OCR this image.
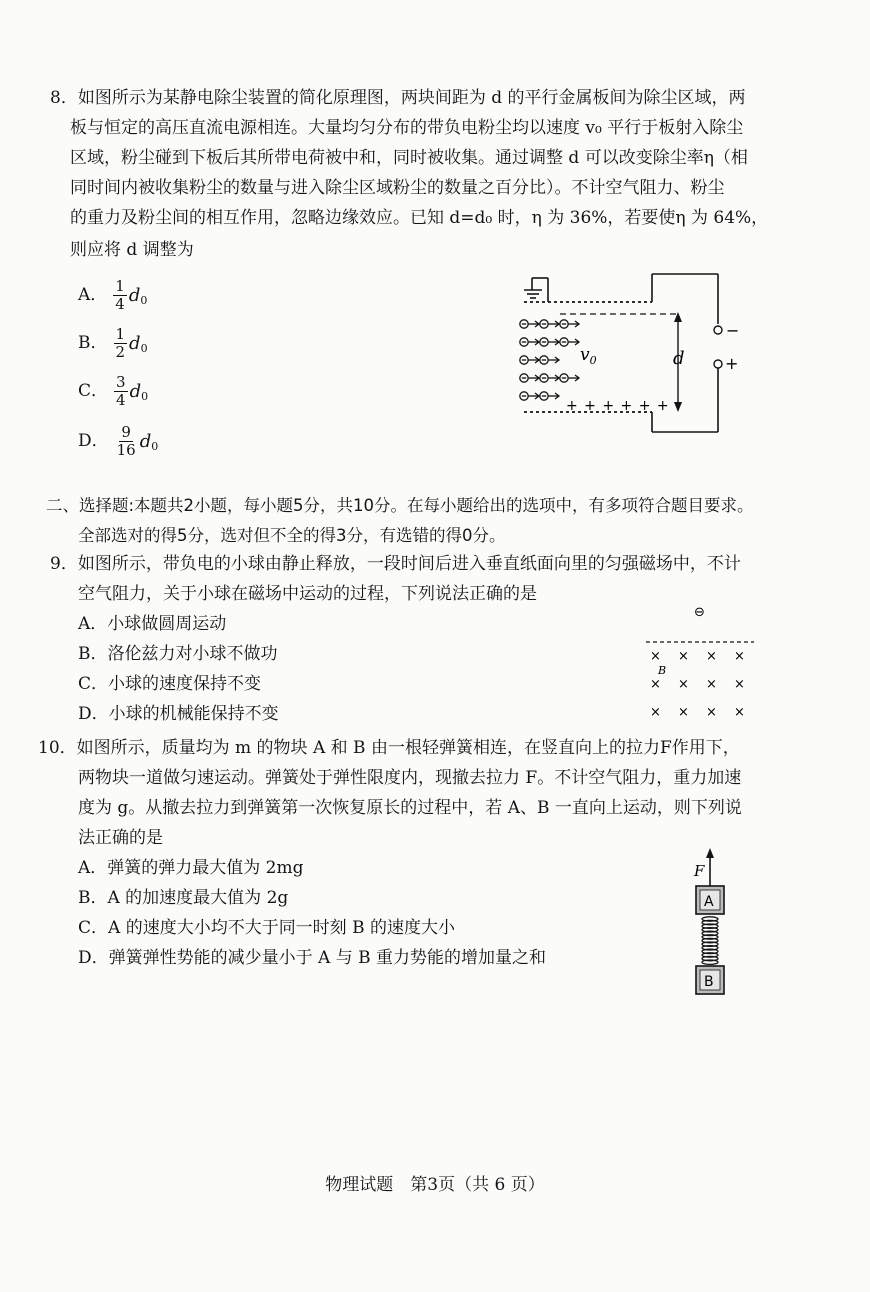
8．如图所示为某静电除尘装置的简化原理图，两块间距为 d 的平行金属板间为除尘区域，两
板与恒定的高压直流电源相连。大量均匀分布的带负电粉尘均以速度 v₀ 平行于板射入除尘
区域，粉尘碰到下板后其所带电荷被中和，同时被收集。通过调整 d 可以改变除尘率η（相
同时间内被收集粉尘的数量与进入除尘区域粉尘的数量之百分比）。不计空气阻力、粉尘
的重力及粉尘间的相互作用，忽略边缘效应。已知 d=d₀ 时，η 为 36%，若要使η 为 64%，
则应将 d 调整为
A． $\frac{1}{4} d_0$
B． $\frac{1}{2} d_0$
C． $\frac{3}{4} d_0$
D． $\frac{9}{16} d_0$
−
+
d
+ + + + + +
$v_0$
二、选择题:本题共2小题，每小题5分，共10分。在每小题给出的选项中，有多项符合题目要求。
全部选对的得5分，选对但不全的得3分，有选错的得0分。
9．如图所示，带负电的小球由静止释放，一段时间后进入垂直纸面向里的匀强磁场中，不计
空气阻力，关于小球在磁场中运动的过程，下列说法正确的是
A．小球做圆周运动
B．洛伦兹力对小球不做功
C．小球的速度保持不变
D．小球的机械能保持不变
⊖
B
× × × ×
× × × ×
× × × ×
10．如图所示，质量均为 m 的物块 A 和 B 由一根轻弹簧相连，在竖直向上的拉力F作用下，
两物块一道做匀速运动。弹簧处于弹性限度内，现撤去拉力 F。不计空气阻力，重力加速
度为 g。从撤去拉力到弹簧第一次恢复原长的过程中，若 A、B 一直向上运动，则下列说
法正确的是
A．弹簧的弹力最大值为 2mg
B．A 的加速度最大值为 2g
C．A 的速度大小均不大于同一时刻 B 的速度大小
D．弹簧弹性势能的减少量小于 A 与 B 重力势能的增加量之和
F
A
B
物理试题　第3页（共 6 页）
